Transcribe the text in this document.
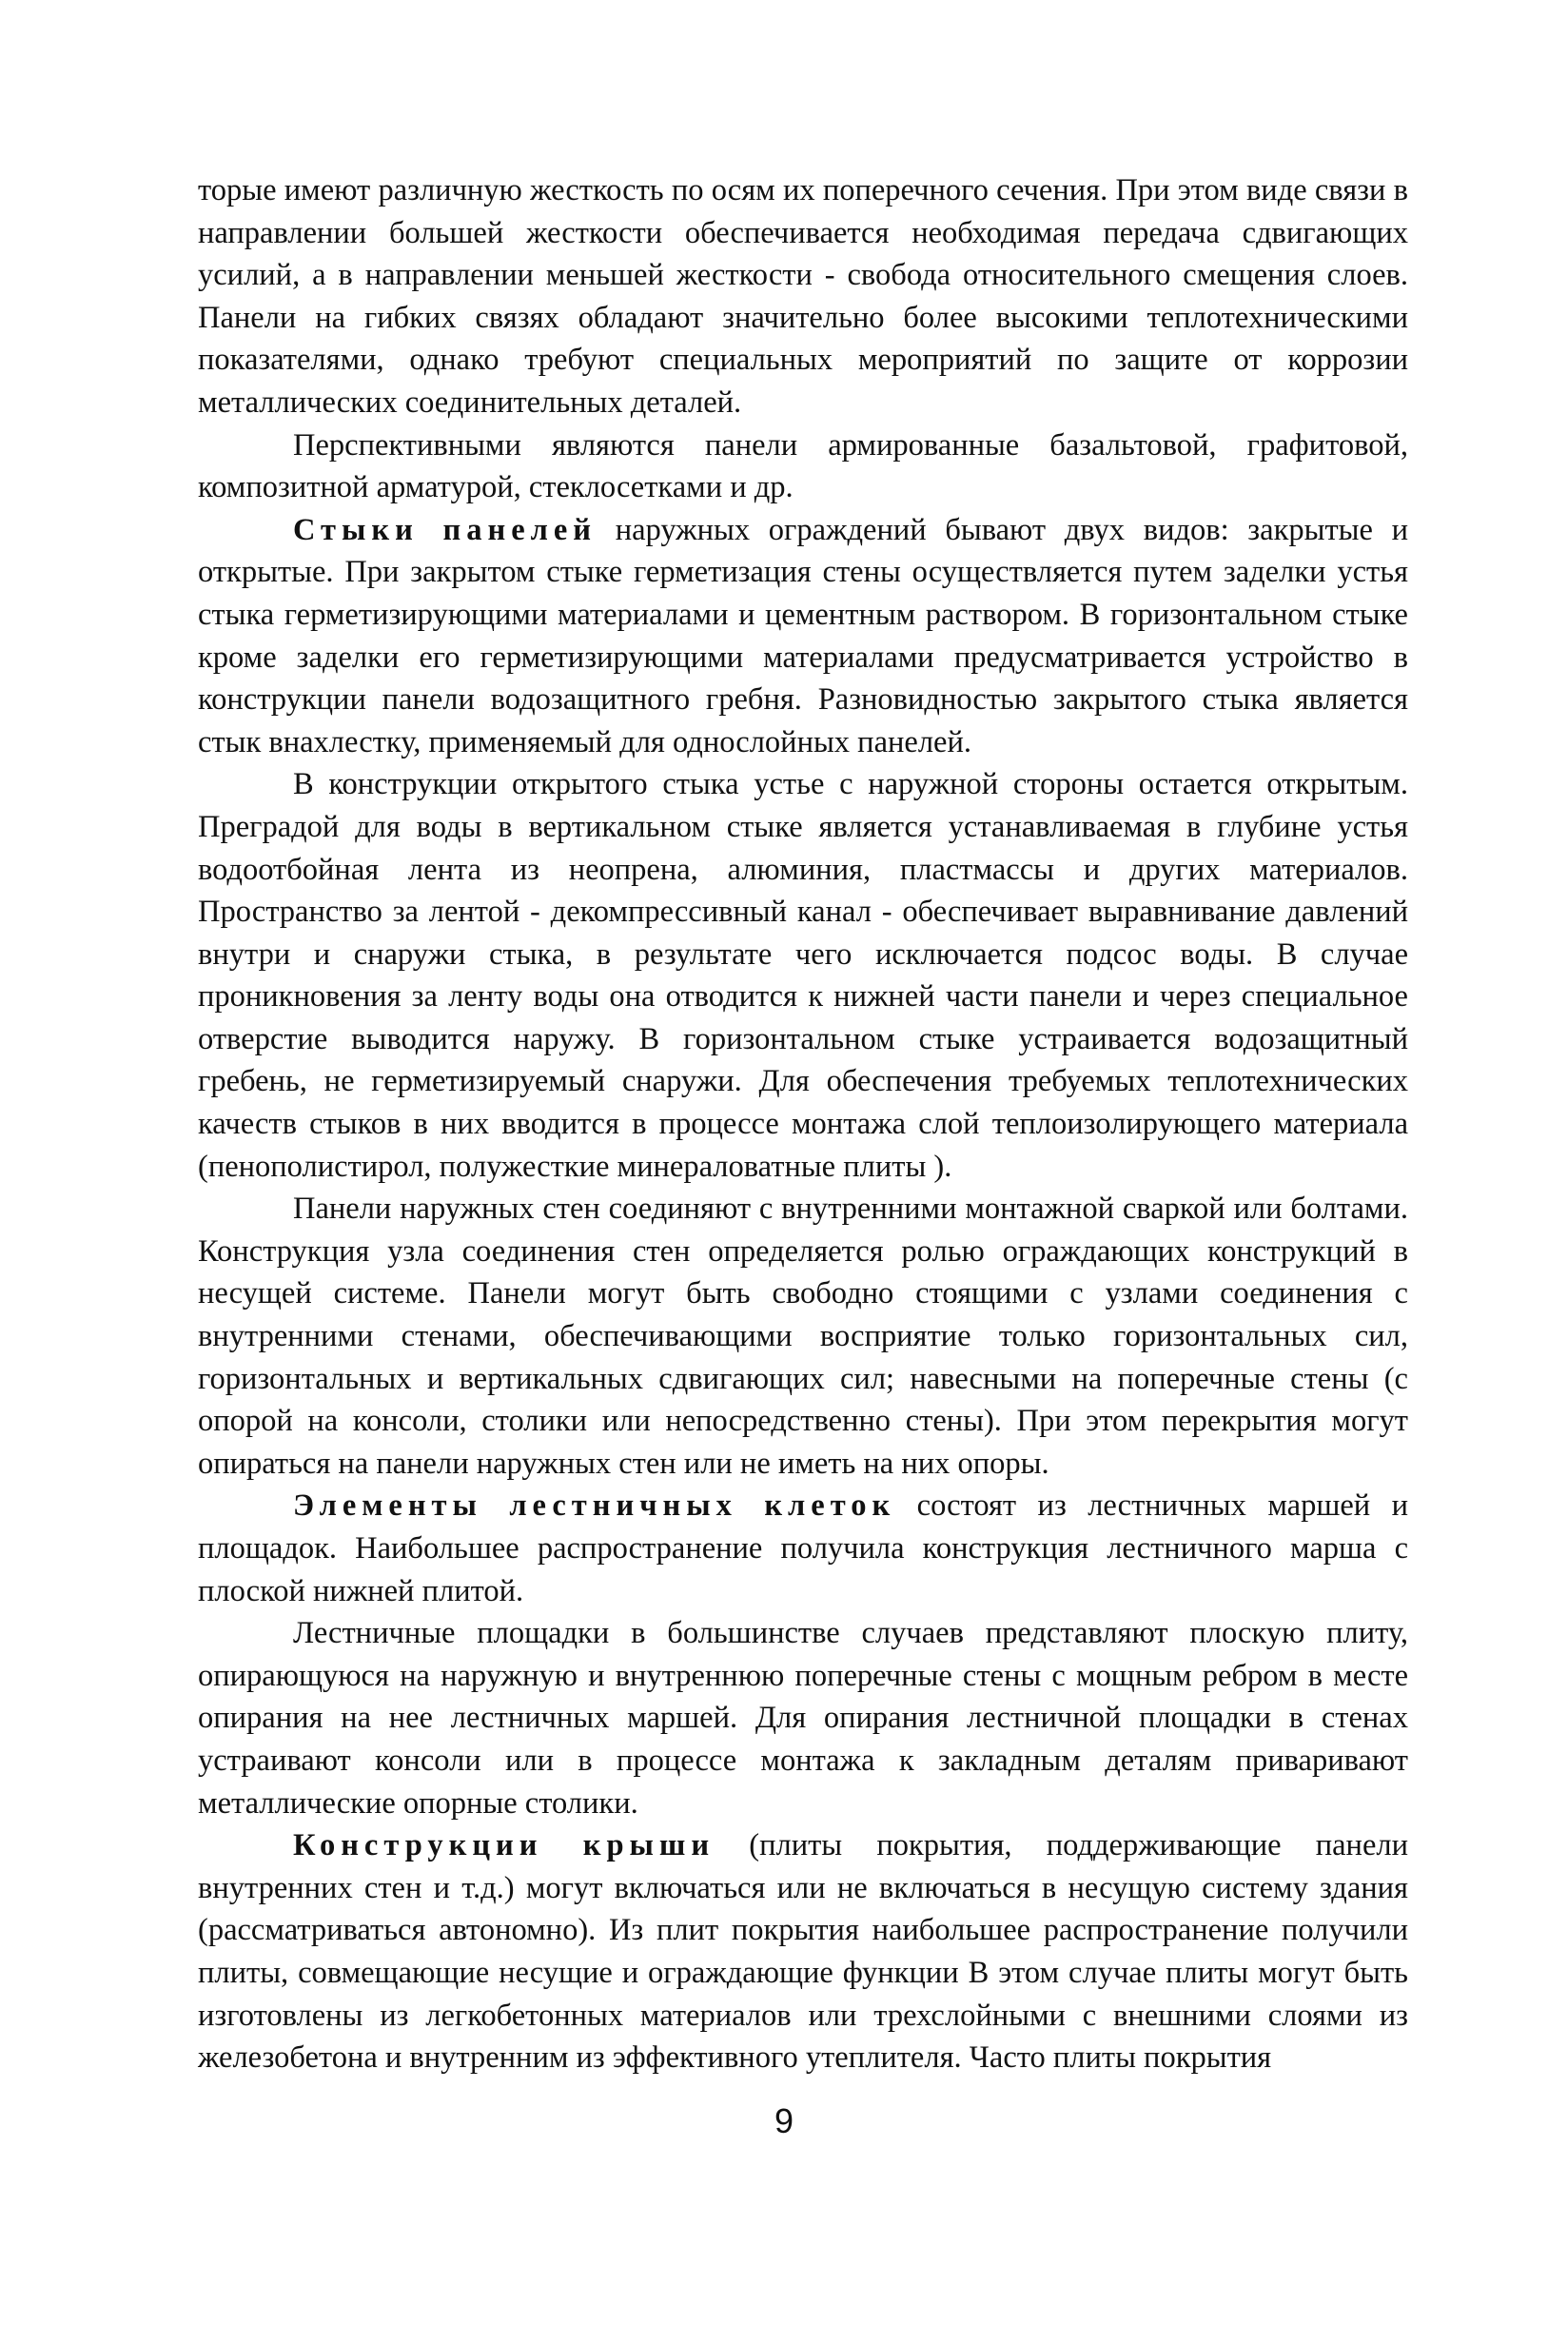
торые имеют различную жесткость по осям их поперечного сечения. При этом виде связи в направлении большей жесткости обеспечивается необходимая передача сдвигающих усилий, а в направлении меньшей жесткости - свобода относительного смещения слоев. Панели на гибких связях обладают значительно более высокими теплотехническими показателями, однако требуют специальных мероприятий по защите от коррозии металлических соединительных деталей.

Перспективными являются панели армированные базальтовой, графитовой, композитной арматурой, стеклосетками и др.

Стыки панелей наружных ограждений бывают двух видов: закрытые и открытые. При закрытом стыке герметизация стены осуществляется путем заделки устья стыка герметизирующими материалами и цементным раствором. В горизонтальном стыке кроме заделки его герметизирующими материалами предусматривается устройство в конструкции панели водозащитного гребня. Разновидностью закрытого стыка является стык внахлестку, применяемый для однослойных панелей.

В конструкции открытого стыка устье с наружной стороны остается открытым. Преградой для воды в вертикальном стыке является устанавливаемая в глубине устья водоотбойная лента из неопрена, алюминия, пластмассы и других материалов. Пространство за лентой - декомпрессивный канал - обеспечивает выравнивание давлений внутри и снаружи стыка, в результате чего исключается подсос воды. В случае проникновения за ленту воды она отводится к нижней части панели и через специальное отверстие выводится наружу. В горизонтальном стыке устраивается водозащитный гребень, не герметизируемый снаружи. Для обеспечения требуемых теплотехнических качеств стыков в них вводится в процессе монтажа слой теплоизолирующего материала (пенополистирол, полужесткие минераловатные плиты ).

Панели наружных стен соединяют с внутренними монтажной сваркой или болтами. Конструкция узла соединения стен определяется ролью ограждающих конструкций в несущей системе. Панели могут быть свободно стоящими с узлами соединения с внутренними стенами, обеспечивающими восприятие только горизонтальных сил, горизонтальных и вертикальных сдвигающих сил; навесными на поперечные стены (с опорой на консоли, столики или непосредственно стены). При этом перекрытия могут опираться на панели наружных стен или не иметь на них опоры.

Элементы лестничных клеток состоят из лестничных маршей и площадок. Наибольшее распространение получила конструкция лестничного марша с плоской нижней плитой.

Лестничные площадки в большинстве случаев представляют плоскую плиту, опирающуюся на наружную и внутреннюю поперечные стены с мощным ребром в месте опирания на нее лестничных маршей. Для опирания лестничной площадки в стенах устраивают консоли или в процессе монтажа к закладным деталям приваривают металлические опорные столики.

Конструкции крыши (плиты покрытия, поддерживающие панели внутренних стен и т.д.) могут включаться или не включаться в несущую систему здания (рассматриваться автономно). Из плит покрытия наибольшее распространение получили плиты, совмещающие несущие и ограждающие функции В этом случае плиты могут быть изготовлены из легкобетонных материалов или трехслойными с внешними слоями из железобетона и внутренним из эффективного утеплителя. Часто плиты покрытия

9
